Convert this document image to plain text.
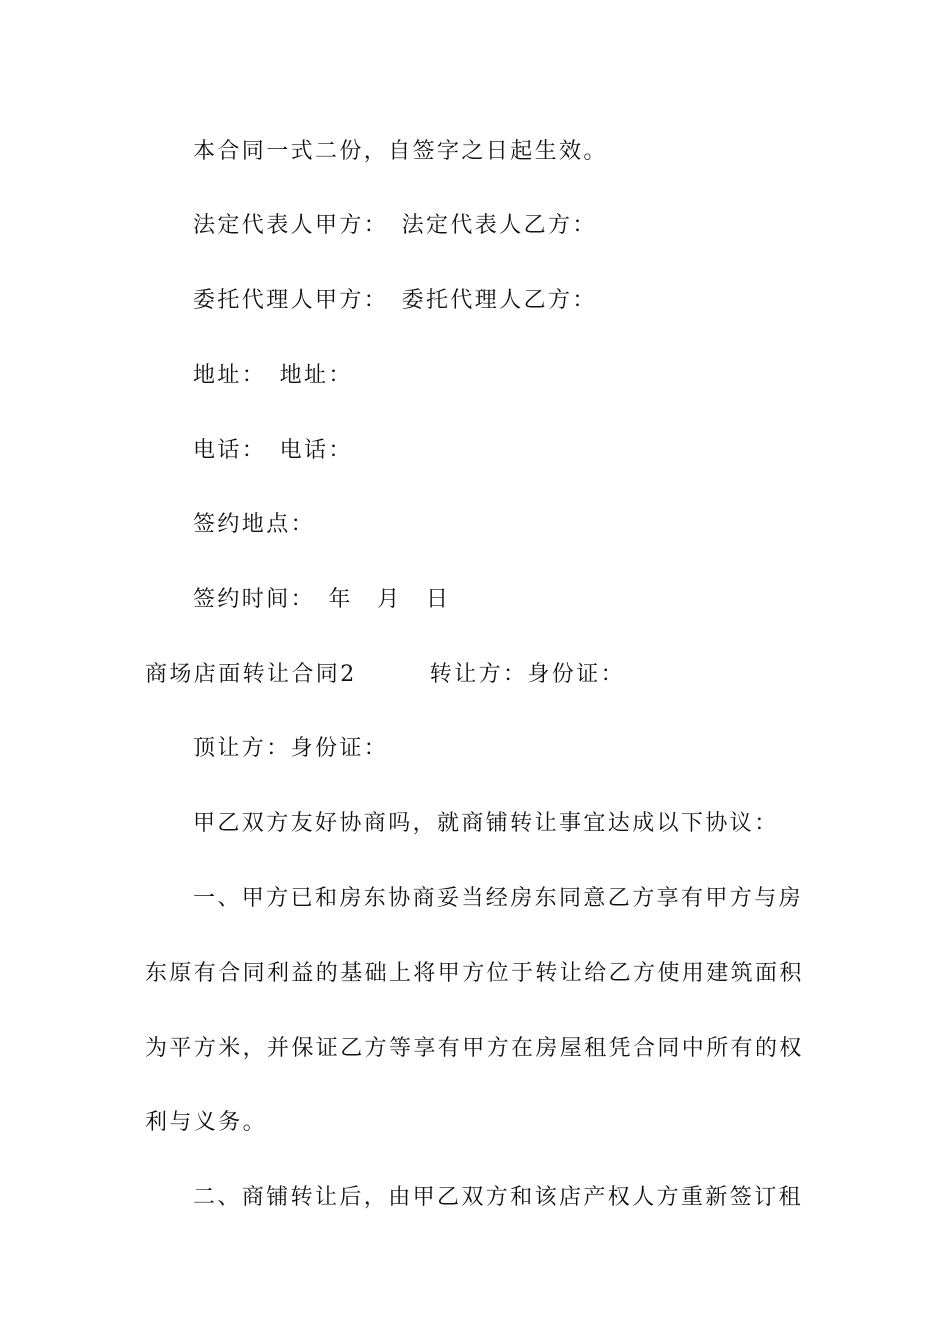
本合同一式二份，自签字之日起生效。
法定代表人甲方：　法定代表人乙方：
委托代理人甲方：　委托代理人乙方：
地址：　地址：
电话：　电话：
签约地点：
签约时间：　年　月　日
商场店面转让合同2　　　转让方：身份证：
顶让方：身份证：
甲乙双方友好协商吗，就商铺转让事宜达成以下协议：
一、甲方已和房东协商妥当经房东同意乙方享有甲方与房
东原有合同利益的基础上将甲方位于转让给乙方使用建筑面积
为平方米，并保证乙方等享有甲方在房屋租凭合同中所有的权
利与义务。
二、商铺转让后，由甲乙双方和该店产权人方重新签订租
